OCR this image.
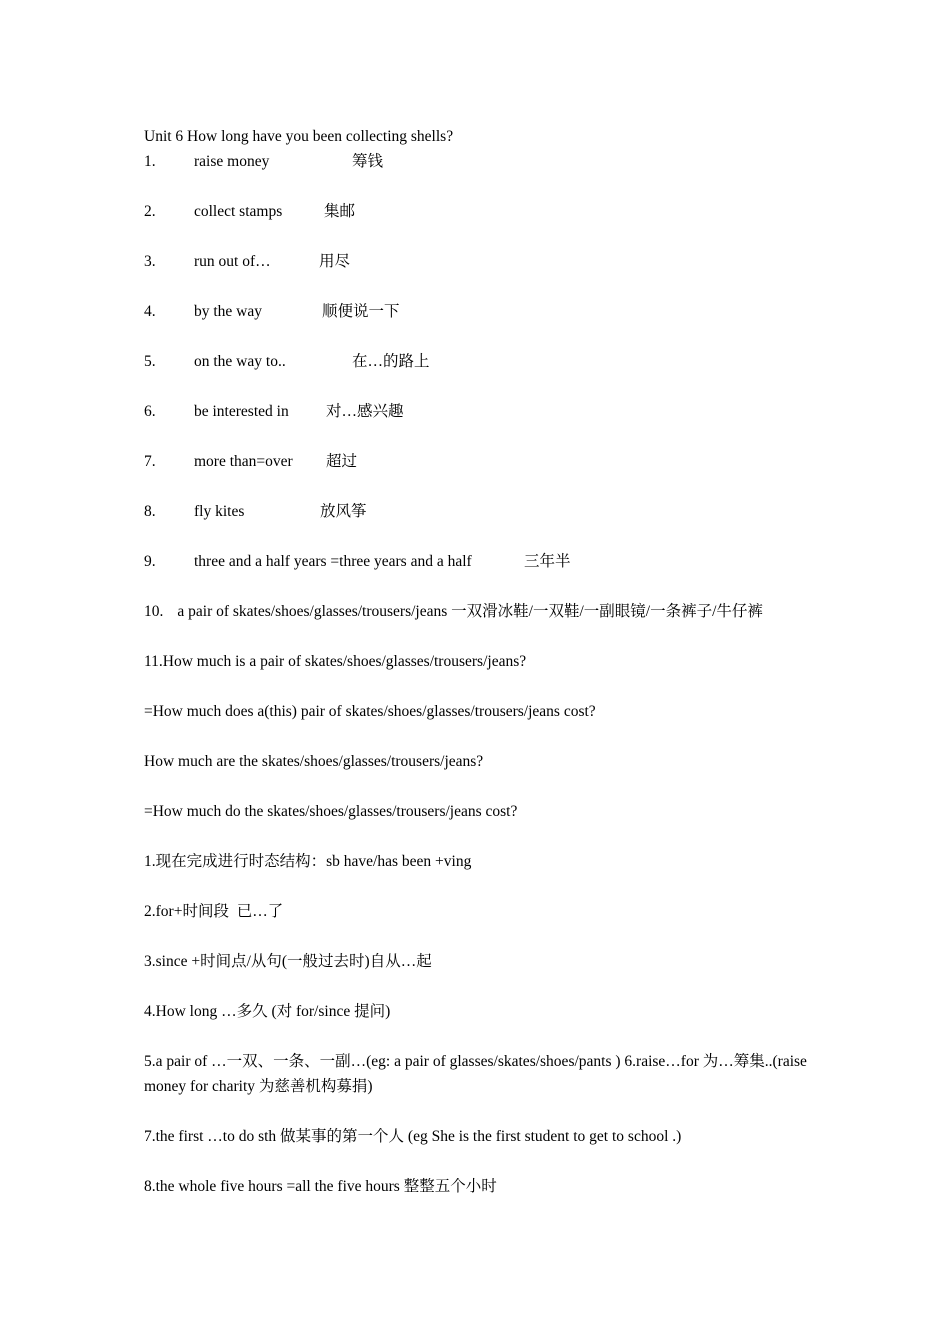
Unit 6 How long have you been collecting shells?
1. raise money	筹钱
2. collect stamps	集邮
3. run out of…	用尽
4. by the way	顺便说一下
5. on the way to..	在…的路上
6. be interested in 对…感兴趣
7. more than=over 超过
8. fly kites	放风筝
9. three and a half years =three years and a half	三年半
10. a pair of skates/shoes/glasses/trousers/jeans 一双滑冰鞋/一双鞋/一副眼镜/一条裤子/牛仔裤
11.How much is a pair of skates/shoes/glasses/trousers/jeans?
=How much does a(this) pair of skates/shoes/glasses/trousers/jeans cost?
How much are the skates/shoes/glasses/trousers/jeans?
=How much do the skates/shoes/glasses/trousers/jeans cost?
1.现在完成进行时态结构：sb have/has been +ving
2.for+时间段  已…了
3.since +时间点/从句(一般过去时)自从…起
4.How long …多久 (对 for/since 提问)
5.a pair of …一双、一条、一副…(eg: a pair of glasses/skates/shoes/pants ) 6.raise…for 为…筹集..(raise money for charity 为慈善机构募捐)
7.the first …to do sth 做某事的第一个人 (eg She is the first student to get to school .)
8.the whole five hours =all the five hours 整整五个小时
